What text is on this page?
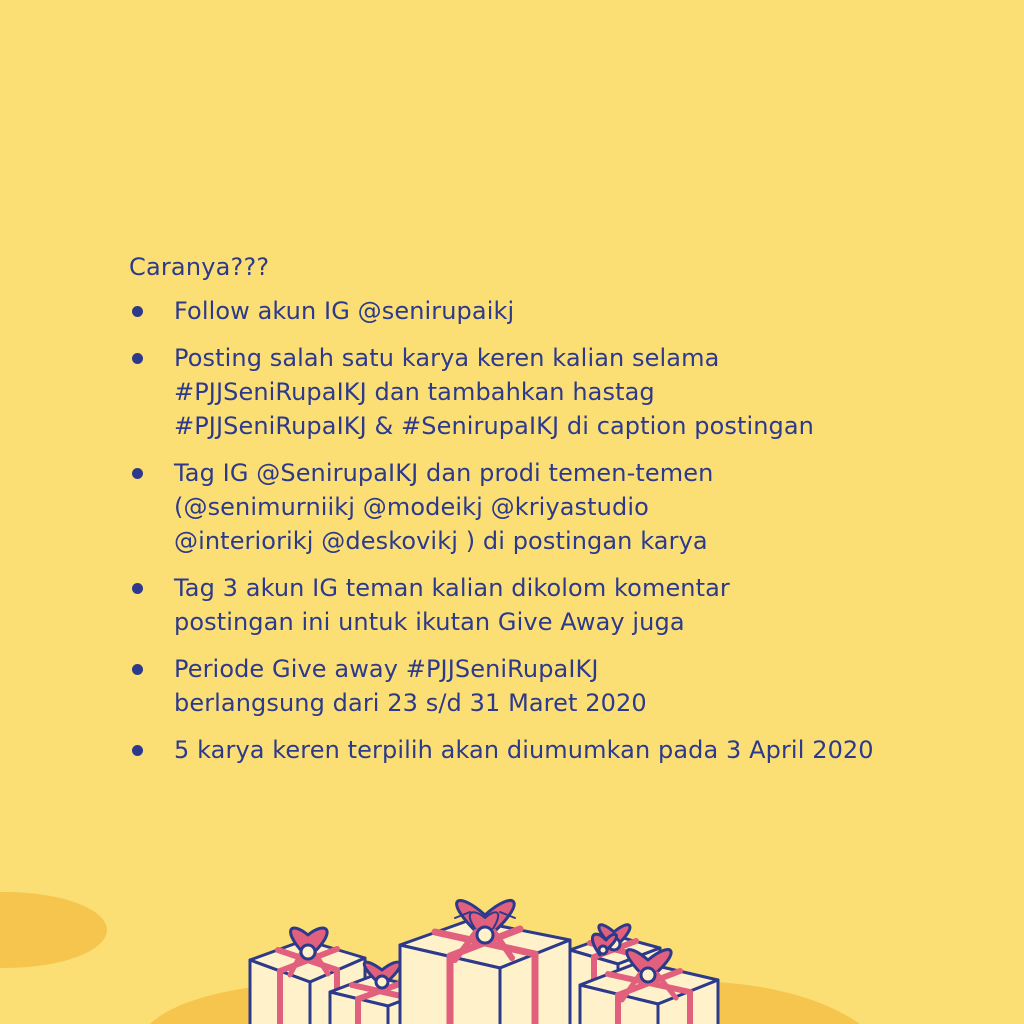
Caranya???
Follow akun IG @senirupaikj
Posting salah satu karya keren kalian selama
#PJJSeniRupaIKJ dan tambahkan hastag
#PJJSeniRupaIKJ & #SenirupaIKJ di caption postingan
Tag IG @SenirupaIKJ dan prodi temen-temen
(@senimurniikj @modeikj @kriyastudio
@interiorikj @deskovikj ) di postingan karya
Tag 3 akun IG teman kalian dikolom komentar
postingan ini untuk ikutan Give Away juga
Periode Give away #PJJSeniRupaIKJ
berlangsung dari 23 s/d 31 Maret 2020
5 karya keren terpilih akan diumumkan pada 3 April 2020
